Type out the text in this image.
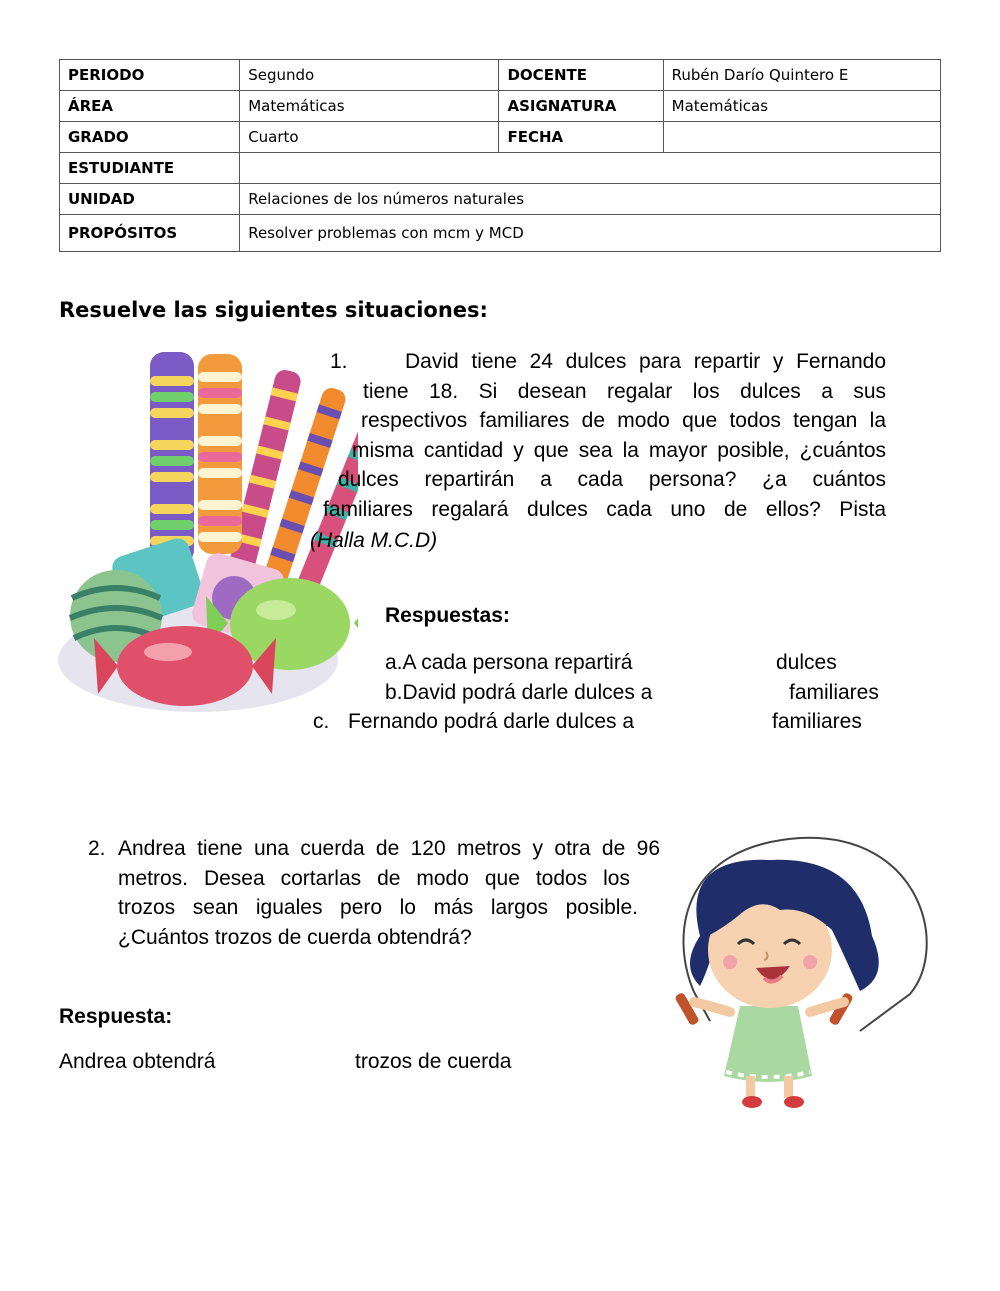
PERIODO	Segundo	DOCENTE	Rubén Darío Quintero E
ÁREA	Matemáticas	ASIGNATURA	Matemáticas
GRADO	Cuarto	FECHA	
ESTUDIANTE			
UNIDAD	Relaciones de los números naturales		
PROPÓSITOS	Resolver problemas con mcm y MCD		
Resuelve las siguientes situaciones:
1.	David tiene 24 dulces para repartir y Fernando
tiene 18. Si desean regalar los dulces a sus
respectivos familiares de modo que todos tengan la
misma cantidad y que sea la mayor posible, ¿cuántos
dulces repartirán a cada persona? ¿a cuántos
familiares regalará dulces cada uno de ellos? Pista
(Halla M.C.D)
Respuestas:
a.A cada persona repartirá	dulces
b.David podrá darle dulces a	familiares
c. Fernando podrá darle dulces a	familiares
2. Andrea tiene una cuerda de 120 metros y otra de 96
metros. Desea cortarlas de modo que todos los
trozos sean iguales pero lo más largos posible.
¿Cuántos trozos de cuerda obtendrá?
Respuesta:
Andrea obtendrá	trozos de cuerda
